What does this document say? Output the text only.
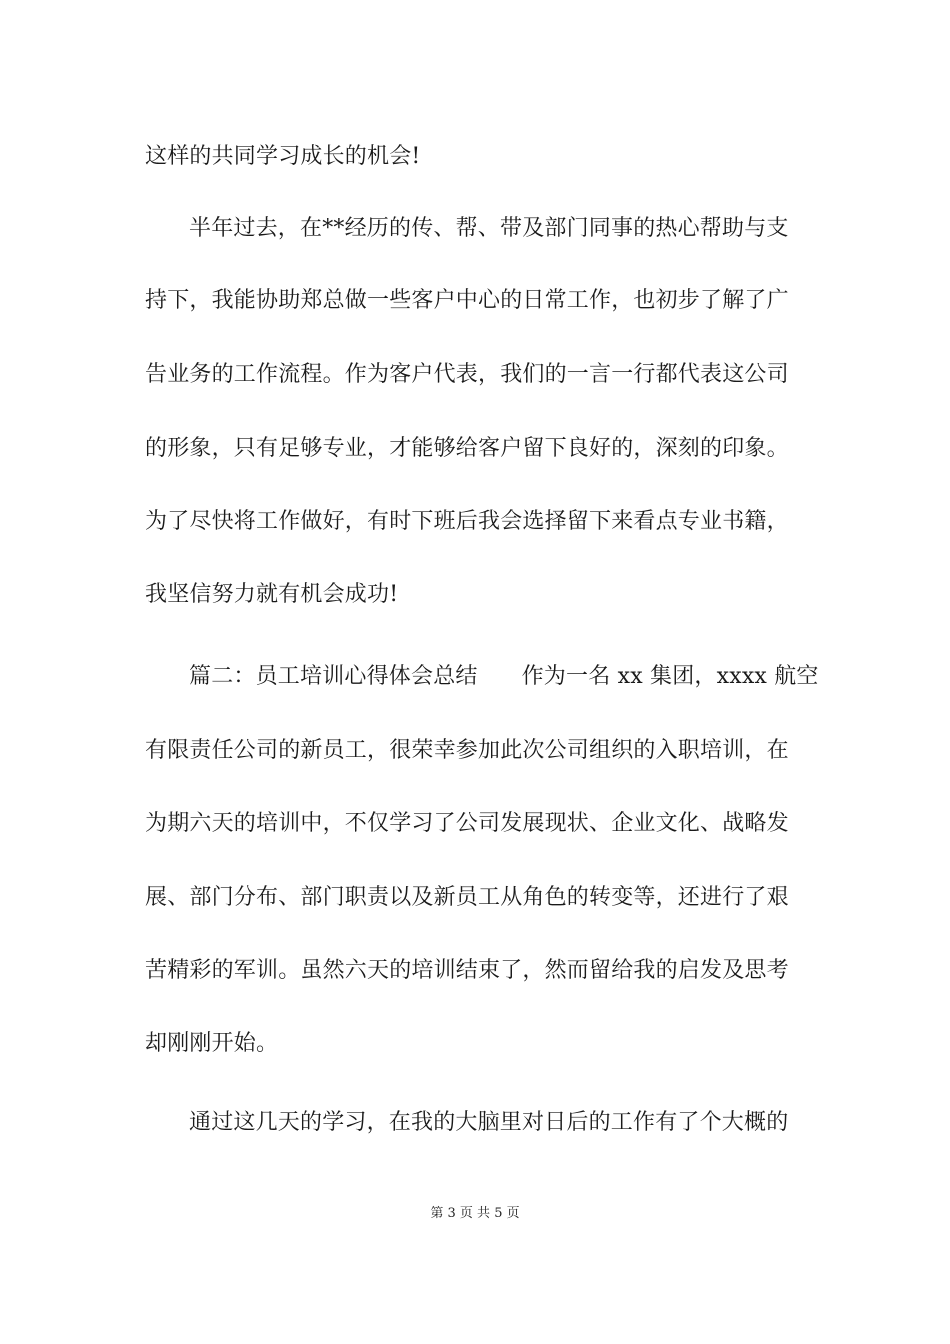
这样的共同学习成长的机会!
半年过去，在**经历的传、帮、带及部门同事的热心帮助与支
持下，我能协助郑总做一些客户中心的日常工作，也初步了解了广
告业务的工作流程。作为客户代表，我们的一言一行都代表这公司
的形象，只有足够专业，才能够给客户留下良好的，深刻的印象。
为了尽快将工作做好，有时下班后我会选择留下来看点专业书籍，
我坚信努力就有机会成功!
篇二：员工培训心得体会总结 作为一名 xx 集团，xxxx 航空
有限责任公司的新员工，很荣幸参加此次公司组织的入职培训，在
为期六天的培训中，不仅学习了公司发展现状、企业文化、战略发
展、部门分布、部门职责以及新员工从角色的转变等，还进行了艰
苦精彩的军训。虽然六天的培训结束了，然而留给我的启发及思考
却刚刚开始。
通过这几天的学习，在我的大脑里对日后的工作有了个大概的
第 3 页 共 5 页
